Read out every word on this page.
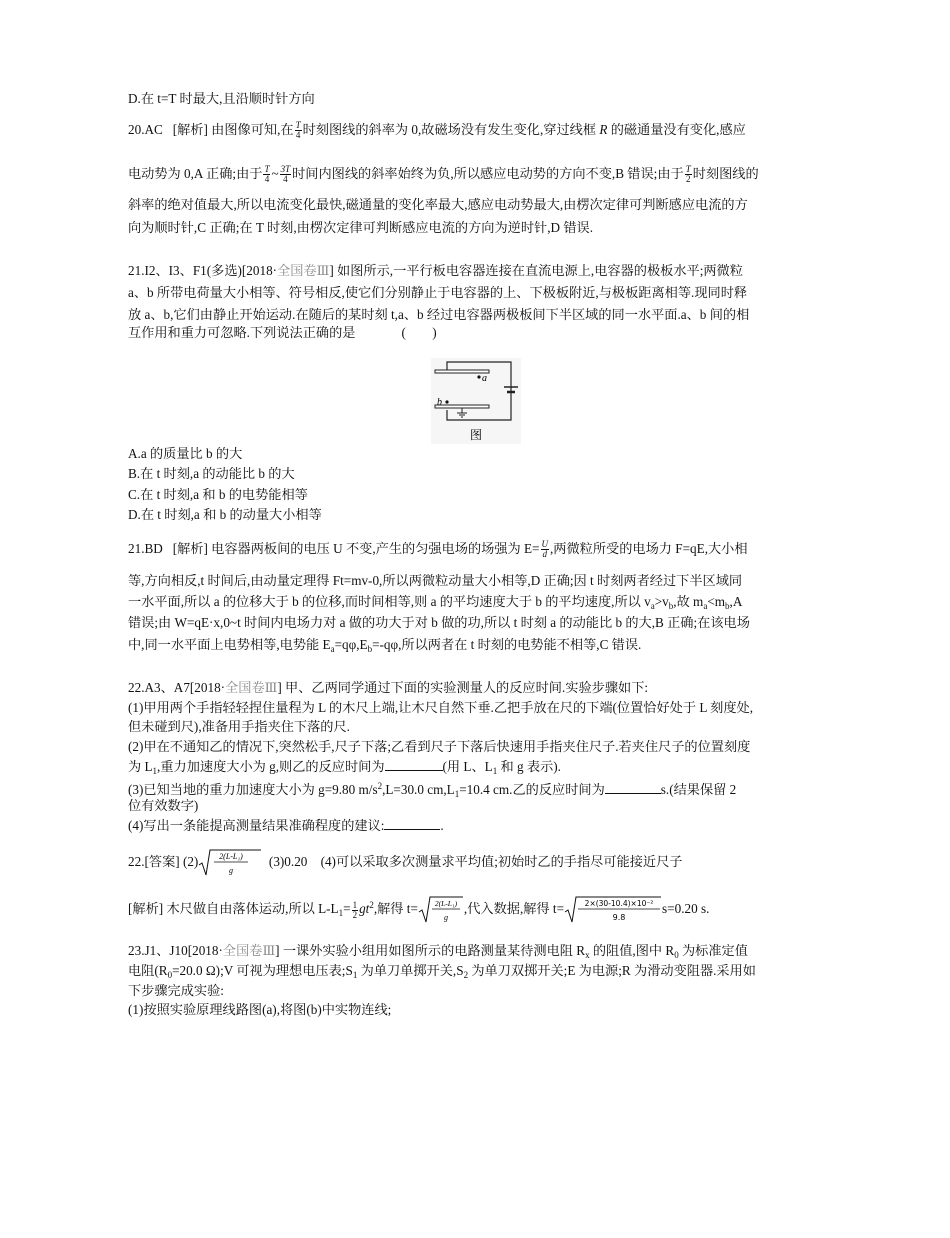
D.在 t=T 时最大,且沿顺时针方向
20.AC [解析] 由图像可知,在 $\frac{T}{4}$ 时刻图线的斜率为 0,故磁场没有发生变化,穿过线框 R 的磁通量没有变化,感应
电动势为 0,A 正确;由于 $\frac{T}{4}$ ~ $\frac{3T}{4}$ 时间内图线的斜率始终为负,所以感应电动势的方向不变,B 错误;由于 $\frac{T}{2}$ 时刻图线的
斜率的绝对值最大,所以电流变化最快,磁通量的变化率最大,感应电动势最大,由楞次定律可判断感应电流的方
向为顺时针,C 正确;在 T 时刻,由楞次定律可判断感应电流的方向为逆时针,D 错误.
21.I2、I3、F1(多选)[2018·全国卷Ⅲ] 如图所示,一平行板电容器连接在直流电源上,电容器的极板水平;两微粒
a、b 所带电荷量大小相等、符号相反,使它们分别静止于电容器的上、下极板附近,与极板距离相等.现同时释
放 a、b,它们由静止开始运动.在随后的某时刻 t,a、b 经过电容器两极板间下半区域的同一水平面.a、b 间的相
互作用和重力可忽略.下列说法正确的是	(　　)
a
b
图
A.a 的质量比 b 的大
B.在 t 时刻,a 的动能比 b 的大
C.在 t 时刻,a 和 b 的电势能相等
D.在 t 时刻,a 和 b 的动量大小相等
21.BD [解析] 电容器两板间的电压 U 不变,产生的匀强电场的场强为 $E= \frac{U}{d}$ ,两微粒所受的电场力 F=qE,大小相
等,方向相反,t 时间后,由动量定理得 Ft=mv-0,所以两微粒动量大小相等,D 正确;因 t 时刻两者经过下半区域同
一水平面,所以 a 的位移大于 b 的位移,而时间相等,则 a 的平均速度大于 b 的平均速度,所以 $v_a>v_b$,故 $m_a<m_b,A$
错误;由 W=qE·x,0~t 时间内电场力对 a 做的功大于对 b 做的功,所以 t 时刻 a 的动能比 b 的大,B 正确;在该电场
中,同一水平面上电势相等,电势能 $E_a=q\varphi,E_b=-q\varphi$,所以两者在 t 时刻的电势能不相等,C 错误.
22.A3、A7[2018·全国卷Ⅲ] 甲、乙两同学通过下面的实验测量人的反应时间.实验步骤如下:
(1)甲用两个手指轻轻捏住量程为 L 的木尺上端,让木尺自然下垂.乙把手放在尺的下端(位置恰好处于 L 刻度处,
但未碰到尺),准备用手指夹住下落的尺.
(2)甲在不通知乙的情况下,突然松手,尺子下落;乙看到尺子下落后快速用手指夹住尺子.若夹住尺子的位置刻度
为 $L_1$,重力加速度大小为 g,则乙的反应时间为	(用 L、$L_1$ 和 g 表示).
(3)已知当地的重力加速度大小为 g=9.80 $m/s^2,L=30.0$ $cm,L_1=10.4$ cm.乙的反应时间为	s.(结果保留 2
位有效数字)
(4)写出一条能提高测量结果准确程度的建议:	.
22.[答案] (2)	2(L-L₁)
g
(3)0.20　(4)可以采取多次测量求平均值;初始时乙的手指尽可能接近尺子
[解析] 木尺做自由落体运动,所以 $L-L_1= \frac{1}{2} gt^2$,解得 t= 2(L-L₁)
g
,代入数据,解得 t=	2×(30-10.4)×10⁻²
9.8
s=0.20 s.
23.J1、J10[2018·全国卷Ⅲ] 一课外实验小组用如图所示的电路测量某待测电阻 $R_x$ 的阻值,图中 $R_0$ 为标准定值
电阻($R_0=20.0$ Ω);V 可视为理想电压表$;S_1$ 为单刀单掷开关$,S_2$ 为单刀双掷开关;E 为电源;R 为滑动变阻器.采用如
下步骤完成实验:
(1)按照实验原理线路图(a),将图(b)中实物连线;
